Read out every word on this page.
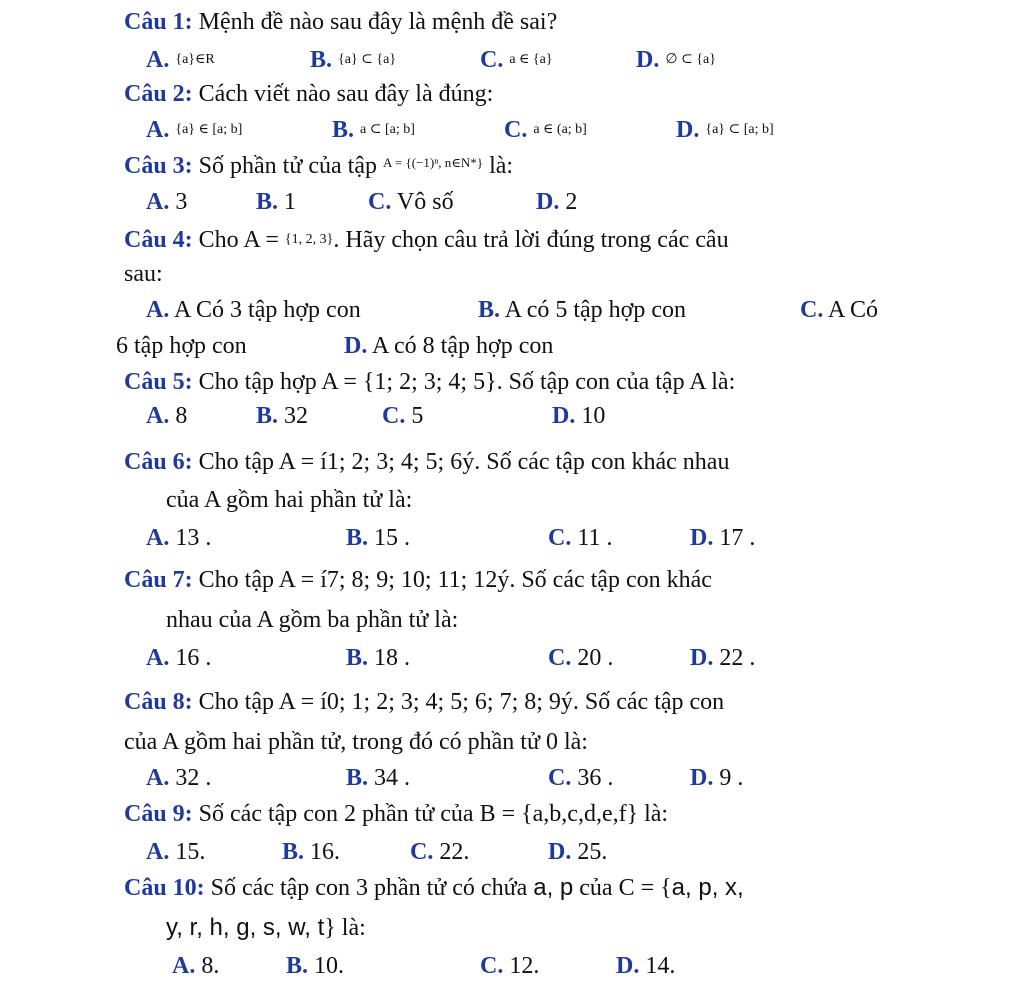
Câu 1: Mệnh đề nào sau đây là mệnh đề sai?
A. {a}∈R	B. {a} ⊂ {a}	C. a ∈ {a}	D. ∅ ⊂ {a}
Câu 2: Cách viết nào sau đây là đúng:
A. {a} ∈ [a; b]	B. a ⊂ [a; b]	C. a ∈ (a; b]	D. {a} ⊂ [a; b]
Câu 3: Số phần tử của tập $^{A = \{(-1)^n, n\in N*\}}$ là:
A. 3	B. 1	C. Vô số	D. 2
Câu 4: Cho A = {1, 2, 3}. Hãy chọn câu trả lời đúng trong các câu
sau:
A. A Có 3 tập hợp con	B. A có 5 tập hợp con	C. A Có
6 tập hợp con	D. A có 8 tập hợp con
Câu 5: Cho tập hợp A = {1; 2; 3; 4; 5}. Số tập con của tập A là:
A. 8	B. 32	C. 5	D. 10
Câu 6: Cho tập A = í1; 2; 3; 4; 5; 6ý. Số các tập con khác nhau
của A gồm hai phần tử là:
A. 13 .	B. 15 .	C. 11 .	D. 17 .
Câu 7: Cho tập A = í7; 8; 9; 10; 11; 12ý. Số các tập con khác
nhau của A gồm ba phần tử là:
A. 16 .	B. 18 .	C. 20 .	D. 22 .
Câu 8: Cho tập A = í0; 1; 2; 3; 4; 5; 6; 7; 8; 9ý. Số các tập con
của A gồm hai phần tử, trong đó có phần tử 0 là:
A. 32 .	B. 34 .	C. 36 .	D. 9 .
Câu 9: Số các tập con 2 phần tử của B = {a,b,c,d,e,f} là:
A. 15.	B. 16.	C. 22.	D. 25.
Câu 10: Số các tập con 3 phần tử có chứa a, p của C = {a, p, x,
y, r, h, g, s, w, t} là:
A. 8.	B. 10.	C. 12.	D. 14.
